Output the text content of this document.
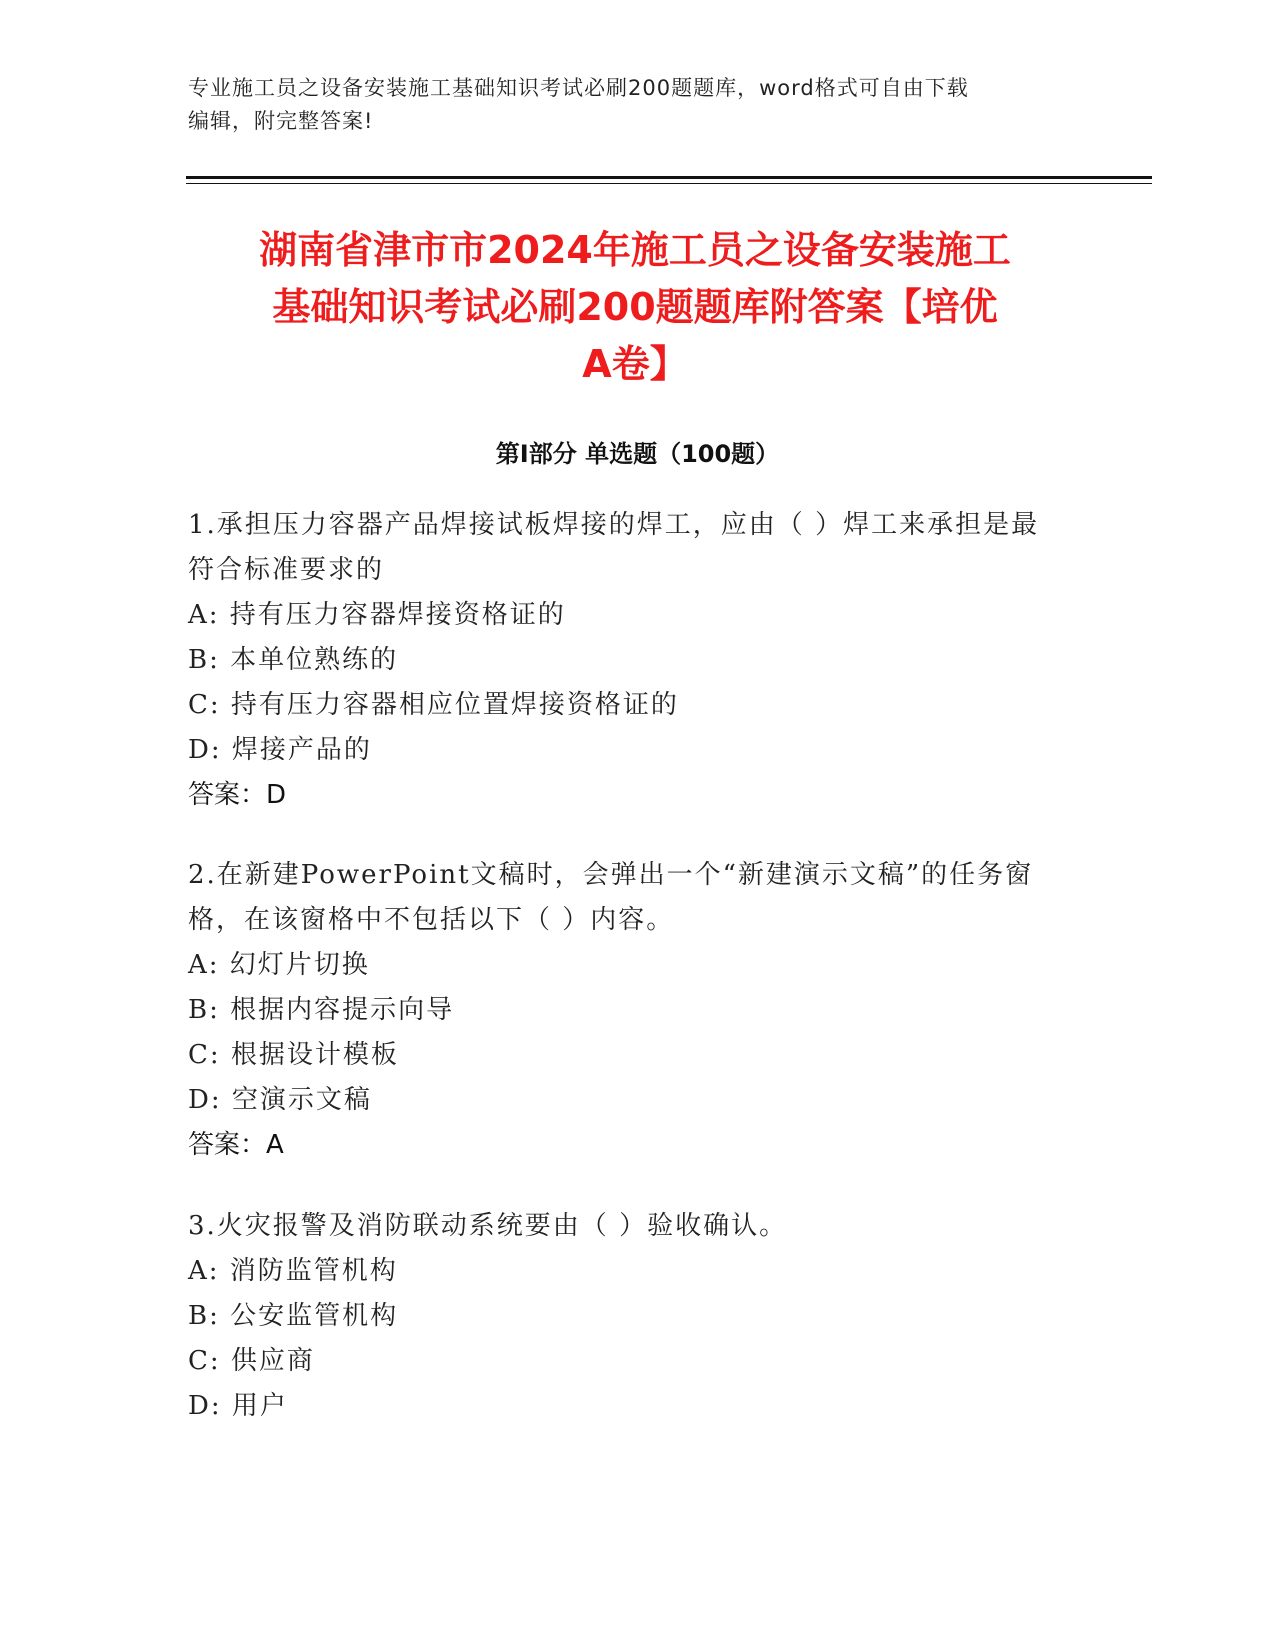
专业施工员之设备安装施工基础知识考试必刷200题题库，word格式可自由下载
编辑，附完整答案!
湖南省津市市2024年施工员之设备安装施工
基础知识考试必刷200题题库附答案【培优
A卷】
第I部分 单选题（100题）
1.承担压力容器产品焊接试板焊接的焊工，应由（ ）焊工来承担是最
符合标准要求的
A: 持有压力容器焊接资格证的
B: 本单位熟练的
C: 持有压力容器相应位置焊接资格证的
D: 焊接产品的
答案：D
2.在新建PowerPoint文稿时，会弹出一个“新建演示文稿”的任务窗
格，在该窗格中不包括以下（ ）内容。
A: 幻灯片切换
B: 根据内容提示向导
C: 根据设计模板
D: 空演示文稿
答案：A
3.火灾报警及消防联动系统要由（ ）验收确认。
A: 消防监管机构
B: 公安监管机构
C: 供应商
D: 用户
